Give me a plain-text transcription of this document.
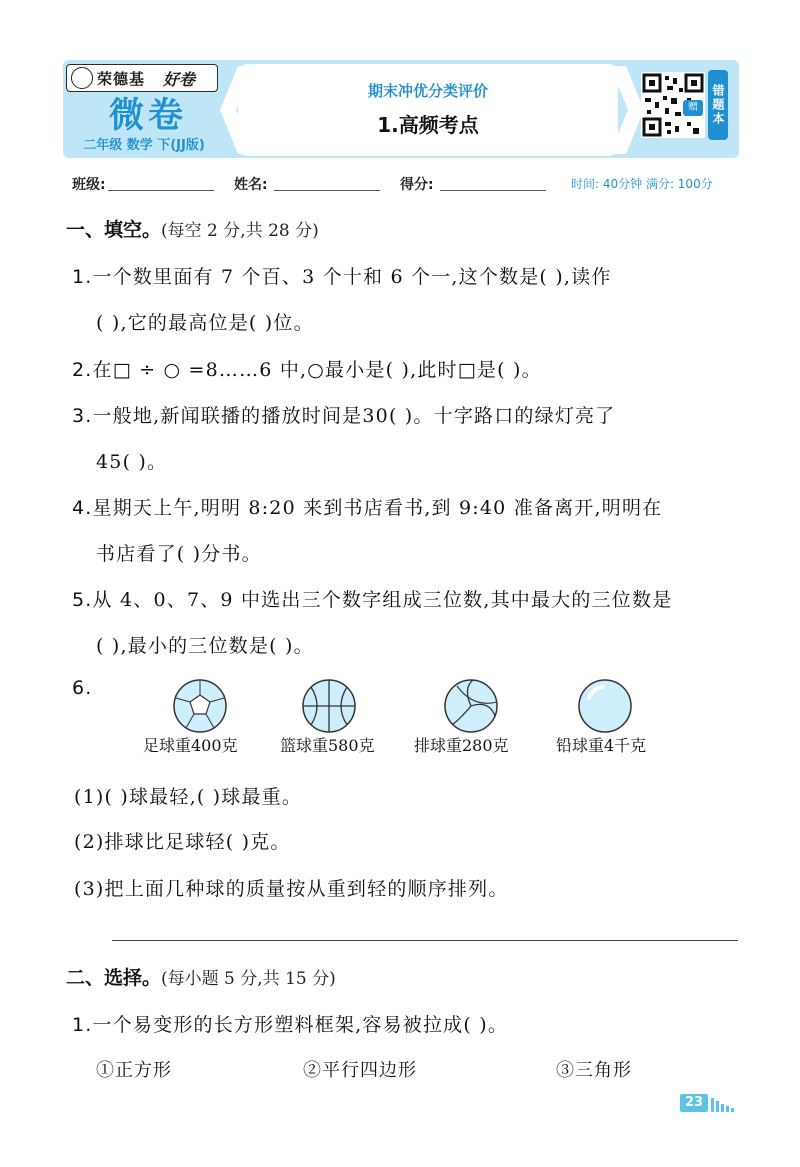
荣德基 好卷
微卷
二年级 数学 下(JJ版)
期末冲优分类评价
1.高频考点
赠	错题本
班级:	姓名:	得分:	时间: 40分钟 满分: 100分
一、填空。(每空 2 分,共 28 分)
1.一个数里面有 7 个百、3 个十和 6 个一,这个数是( ),读作
( ),它的最高位是( )位。
2.在□ ÷ ○ =8……6 中,○最小是( ),此时□是( )。
3.一般地,新闻联播的播放时间是30( )。十字路口的绿灯亮了
45( )。
4.星期天上午,明明 8:20 来到书店看书,到 9:40 准备离开,明明在
书店看了( )分书。
5.从 4、0、7、9 中选出三个数字组成三位数,其中最大的三位数是
( ),最小的三位数是( )。
6.
足球重400克	篮球重580克 排球重280克	铅球重4千克
(1)( )球最轻,( )球最重。
(2)排球比足球轻( )克。
(3)把上面几种球的质量按从重到轻的顺序排列。
二、选择。(每小题 5 分,共 15 分)
1.一个易变形的长方形塑料框架,容易被拉成( )。
①正方形	②平行四边形	③三角形
23
